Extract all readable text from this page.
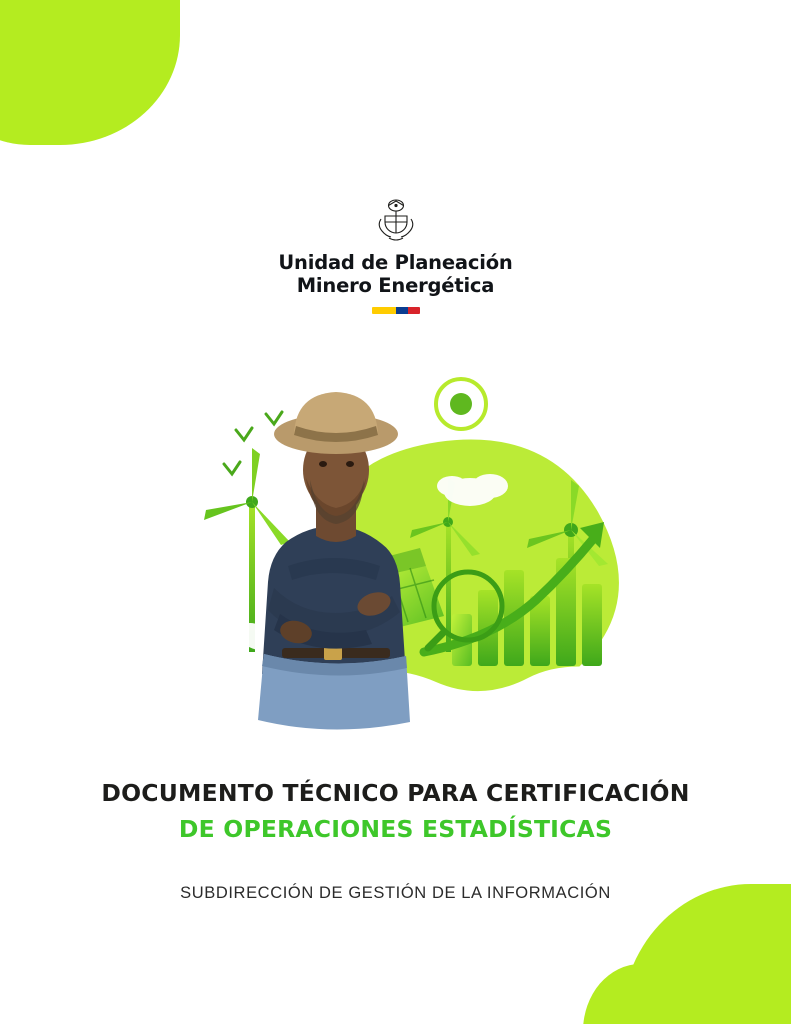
Unidad de Planeación
Minero Energética
DOCUMENTO TÉCNICO PARA CERTIFICACIÓN
DE OPERACIONES ESTADÍSTICAS
SUBDIRECCIÓN DE GESTIÓN DE LA INFORMACIÓN
